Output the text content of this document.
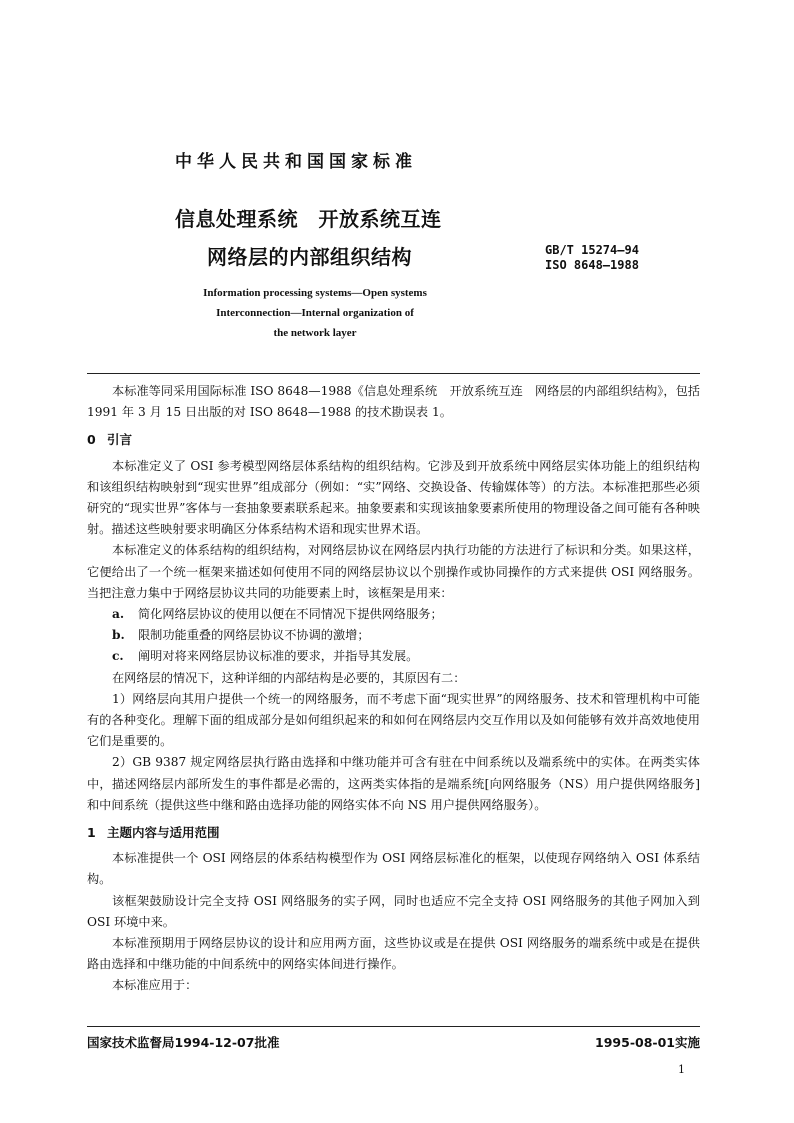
中华人民共和国国家标准
信息处理系统　开放系统互连
网络层的内部组织结构	GB/T 15274—94
ISO 8648—1988
Information processing systems—Open systems
Interconnection—Internal organization of
the network layer

本标准等同采用国际标准 ISO 8648—1988《信息处理系统　开放系统互连　网络层的内部组织结构》，包括 1991 年 3 月 15 日出版的对 ISO 8648—1988 的技术勘误表 1。

0 引言

本标准定义了 OSI 参考模型网络层体系结构的组织结构。它涉及到开放系统中网络层实体功能上的组织结构和该组织结构映射到“现实世界”组成部分（例如：“实”网络、交换设备、传输媒体等）的方法。本标准把那些必须研究的“现实世界”客体与一套抽象要素联系起来。抽象要素和实现该抽象要素所使用的物理设备之间可能有各种映射。描述这些映射要求明确区分体系结构术语和现实世界术语。

本标准定义的体系结构的组织结构，对网络层协议在网络层内执行功能的方法进行了标识和分类。如果这样，它便给出了一个统一框架来描述如何使用不同的网络层协议以个别操作或协同操作的方式来提供 OSI 网络服务。当把注意力集中于网络层协议共同的功能要素上时，该框架是用来：

a. 简化网络层协议的使用以便在不同情况下提供网络服务；

b. 限制功能重叠的网络层协议不协调的激增；

c. 阐明对将来网络层协议标准的要求，并指导其发展。

在网络层的情况下，这种详细的内部结构是必要的，其原因有二：

1）网络层向其用户提供一个统一的网络服务，而不考虑下面“现实世界”的网络服务、技术和管理机构中可能有的各种变化。理解下面的组成部分是如何组织起来的和如何在网络层内交互作用以及如何能够有效并高效地使用它们是重要的。

2）GB 9387 规定网络层执行路由选择和中继功能并可含有驻在中间系统以及端系统中的实体。在两类实体中，描述网络层内部所发生的事件都是必需的，这两类实体指的是端系统[向网络服务（NS）用户提供网络服务]和中间系统（提供这些中继和路由选择功能的网络实体不向 NS 用户提供网络服务）。

1 主题内容与适用范围

本标准提供一个 OSI 网络层的体系结构模型作为 OSI 网络层标准化的框架，以使现存网络纳入 OSI 体系结构。

该框架鼓励设计完全支持 OSI 网络服务的实子网，同时也适应不完全支持 OSI 网络服务的其他子网加入到 OSI 环境中来。

本标准预期用于网络层协议的设计和应用两方面，这些协议或是在提供 OSI 网络服务的端系统中或是在提供路由选择和中继功能的中间系统中的网络实体间进行操作。

本标准应用于：

国家技术监督局1994-12-07批准	1995-08-01实施
1
